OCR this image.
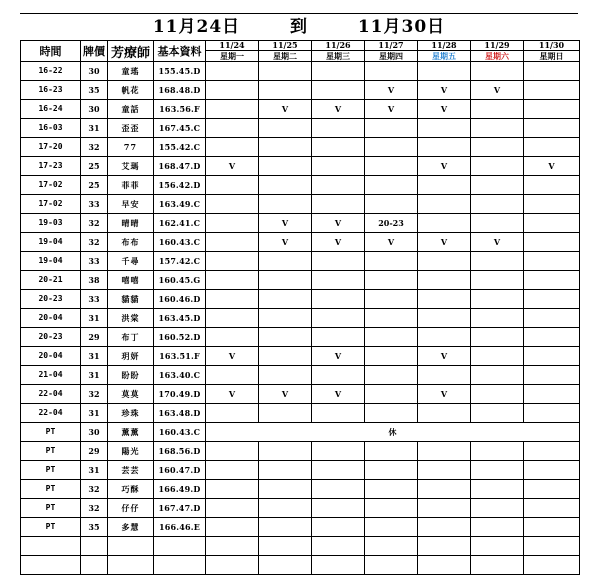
11月24日	到	11月30日
時間	牌價	芳療師	基本資料	11/24	11/25	11/26	11/27	11/28	11/29	11/30
				星期一	星期二	星期三	星期四	星期五	星期六	星期日
16-22	30	童瑤	155.45.D							
16-23	35	帆花	168.48.D				V	V	V	
16-24	30	童話	163.56.F		V	V	V	V		
16-03	31	歪歪	167.45.C							
17-20	32	77	155.42.C							
17-23	25	艾瑪	168.47.D	V				V		V
17-02	25	菲菲	156.42.D							
17-02	33	早安	163.49.C							
19-03	32	晴晴	162.41.C		V	V	20-23			
19-04	32	布布	160.43.C		V	V	V	V	V	
19-04	33	千尋	157.42.C							
20-21	38	嘻嘻	160.45.G							
20-23	33	貓貓	160.46.D							
20-04	31	洪棠	163.45.D							
20-23	29	布丁	160.52.D							
20-04	31	玥妍	163.51.F	V		V		V		
21-04	31	盼盼	163.40.C							
22-04	32	莫莫	170.49.D	V	V	V		V		
22-04	31	珍珠	163.48.D							
PT	30	薰薰	160.43.C	休						
PT	29	陽光	168.56.D							
PT	31	芸芸	160.47.D							
PT	32	巧酥	166.49.D							
PT	32	仔仔	167.47.D							
PT	35	多慧	166.46.E							
